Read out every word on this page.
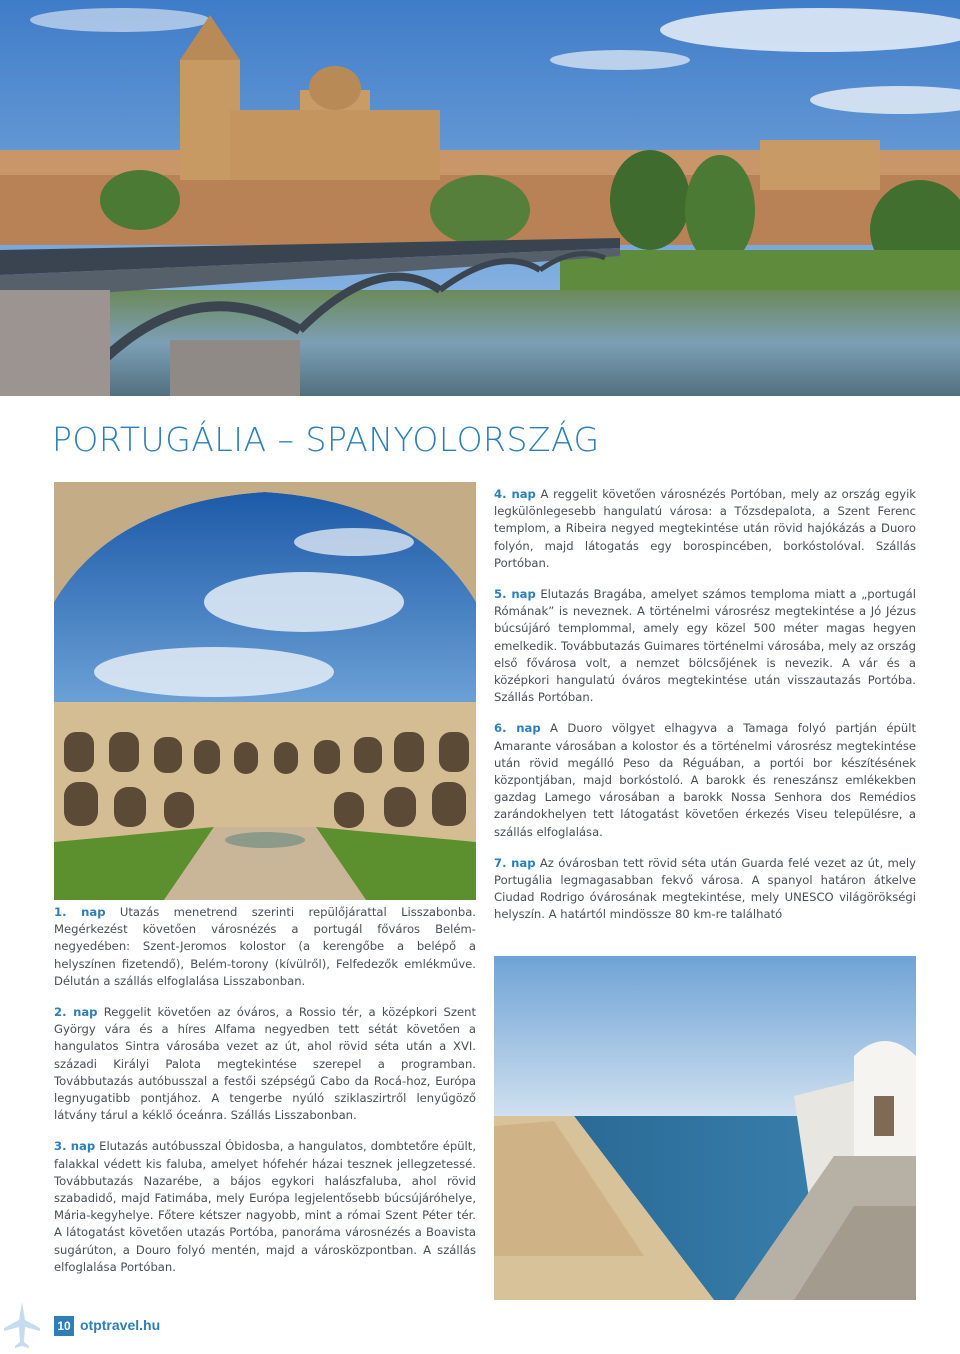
PORTUGÁLIA – SPANYOLORSZÁG

4. nap A reggelit követően városnézés Portóban, mely az ország egyik legkülönlegesebb hangulatú városa: a Tőzsdepalota, a Szent Ferenc templom, a Ribeira negyed megtekintése után rövid hajókázás a Duoro folyón, majd látogatás egy borospincében, borkóstolóval. Szállás Portóban.

5. nap Elutazás Bragába, amelyet számos temploma miatt a „portugál Rómának” is neveznek. A történelmi városrész megtekintése a Jó Jézus búcsújáró templommal, amely egy közel 500 méter magas hegyen emelkedik. Továbbutazás Guimares történelmi városába, mely az ország első fővárosa volt, a nemzet bölcsőjének is nevezik. A vár és a középkori hangulatú óváros megtekintése után visszautazás Portóba. Szállás Portóban.

6. nap A Duoro völgyet elhagyva a Tamaga folyó partján épült Amarante városában a kolostor és a történelmi városrész megtekintése után rövid megálló Peso da Réguában, a portói bor készítésének központjában, majd borkóstoló. A barokk és reneszánsz emlékekben gazdag Lamego városában a barokk Nossa Senhora dos Remédios zarándokhelyen tett látogatást követően érkezés Viseu településre, a szállás elfoglalása.

7. nap Az óvárosban tett rövid séta után Guarda felé vezet az út, mely Portugália legmagasabban fekvő városa. A spanyol határon átkelve Ciudad Rodrigo óvárosának megtekintése, mely UNESCO világörökségi helyszín. A határtól mindössze 80 km-re található

1. nap Utazás menetrend szerinti repülőjárattal Lisszabonba. Megérkezést követően városnézés a portugál főváros Belém-negyedében: Szent-Jeromos kolostor (a kerengőbe a belépő a helyszínen fizetendő), Belém-torony (kívülről), Felfedezők emlékműve. Délután a szállás elfoglalása Lisszabonban.

2. nap Reggelit követően az óváros, a Rossio tér, a középkori Szent György vára és a híres Alfama negyedben tett sétát követően a hangulatos Sintra városába vezet az út, ahol rövid séta után a XVI. századi Királyi Palota megtekintése szerepel a programban. Továbbutazás autóbusszal a festői szépségű Cabo da Rocá-hoz, Európa legnyugatibb pontjához. A tengerbe nyúló sziklaszirtről lenyűgöző látvány tárul a kéklő óceánra. Szállás Lisszabonban.

3. nap Elutazás autóbusszal Óbidosba, a hangulatos, dombtetőre épült, falakkal védett kis faluba, amelyet hófehér házai tesznek jellegzetessé. Továbbutazás Nazarébe, a bájos egykori halászfaluba, ahol rövid szabadidő, majd Fatimába, mely Európa legjelentősebb búcsújáróhelye, Mária-kegyhelye. Főtere kétszer nagyobb, mint a római Szent Péter tér. A látogatást követően utazás Portóba, panoráma városnézés a Boavista sugárúton, a Douro folyó mentén, majd a városközpontban. A szállás elfoglalása Portóban.

10 otptravel.hu
